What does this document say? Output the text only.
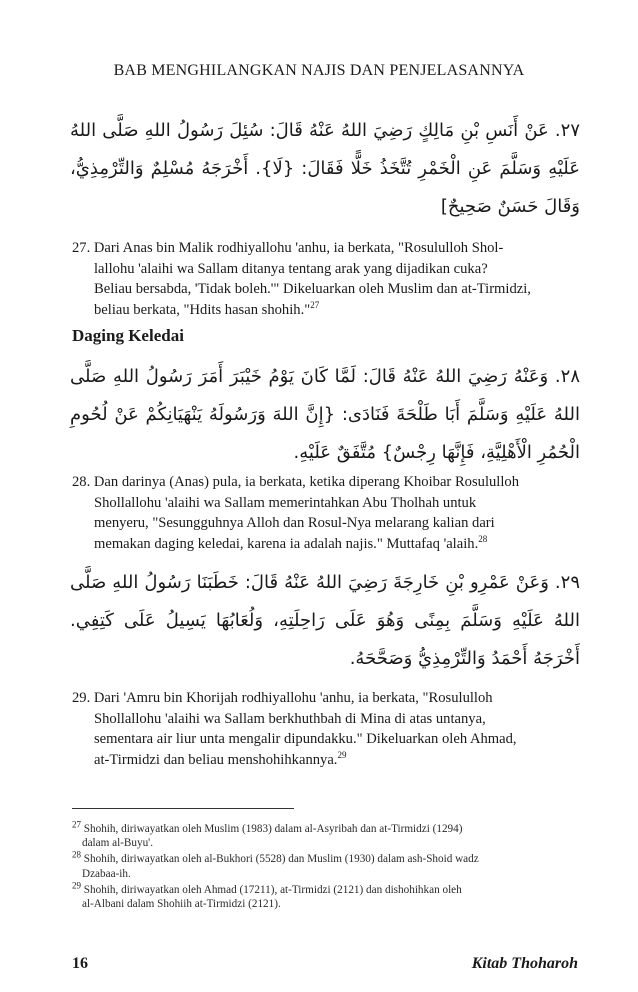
BAB MENGHILANGKAN NAJIS DAN PENJELASANNYA
٢٧. عَنْ أَنَسِ بْنِ مَالِكٍ رَضِيَ اللهُ عَنْهُ قَالَ: سُئِلَ رَسُولُ اللهِ صَلَّى اللهُ عَلَيْهِ وَسَلَّمَ عَنِ الْخَمْرِ تُتَّخَذُ خَلًّا فَقَالَ: {لَا}. أَخْرَجَهُ مُسْلِمٌ وَالتِّرْمِذِيُّ، وَقَالَ حَسَنٌ صَحِيحٌ]
27. Dari Anas bin Malik rodhiyallohu 'anhu, ia berkata, "Rosululloh Shol-
lallohu 'alaihi wa Sallam ditanya tentang arak yang dijadikan cuka?
Beliau bersabda, 'Tidak boleh.'" Dikeluarkan oleh Muslim dan at-Tirmidzi,
beliau berkata, "Hdits hasan shohih."$^{27}$
Daging Keledai
٢٨. وَعَنْهُ رَضِيَ اللهُ عَنْهُ قَالَ: لَمَّا كَانَ يَوْمُ خَيْبَرَ أَمَرَ رَسُولُ اللهِ صَلَّى اللهُ عَلَيْهِ وَسَلَّمَ أَبَا طَلْحَةَ فَنَادَى: {إِنَّ اللهَ وَرَسُولَهُ يَنْهَيَانِكُمْ عَنْ لُحُومِ الْحُمُرِ الْأَهْلِيَّةِ، فَإِنَّهَا رِجْسٌ} مُتَّفَقٌ عَلَيْهِ.
28. Dan darinya (Anas) pula, ia berkata, ketika diperang Khoibar Rosululloh
Shollallohu 'alaihi wa Sallam memerintahkan Abu Tholhah untuk
menyeru, "Sesungguhnya Alloh dan Rosul-Nya melarang kalian dari
memakan daging keledai, karena ia adalah najis." Muttafaq 'alaih.$^{28}$
٢٩. وَعَنْ عَمْرِو بْنِ خَارِجَةَ رَضِيَ اللهُ عَنْهُ قَالَ: خَطَبَنَا رَسُولُ اللهِ صَلَّى اللهُ عَلَيْهِ وَسَلَّمَ بِمِنًى وَهُوَ عَلَى رَاحِلَتِهِ، وَلُعَابُهَا يَسِيلُ عَلَى كَتِفِي. أَخْرَجَهُ أَحْمَدُ وَالتِّرْمِذِيُّ وَصَحَّحَهُ.
29. Dari 'Amru bin Khorijah rodhiyallohu 'anhu, ia berkata, "Rosululloh
Shollallohu 'alaihi wa Sallam berkhuthbah di Mina di atas untanya,
sementara air liur unta mengalir dipundakku." Dikeluarkan oleh Ahmad,
at-Tirmidzi dan beliau menshohihkannya.$^{29}$
$^{27}$ Shohih, diriwayatkan oleh Muslim (1983) dalam al-Asyribah dan at-Tirmidzi (1294)
dalam al-Buyu'.
$^{28}$ Shohih, diriwayatkan oleh al-Bukhori (5528) dan Muslim (1930) dalam ash-Shoid wadz
Dzabaa-ih.
$^{29}$ Shohih, diriwayatkan oleh Ahmad (17211), at-Tirmidzi (2121) dan dishohihkan oleh
al-Albani dalam Shohiih at-Tirmidzi (2121).
16	Kitab Thoharoh
